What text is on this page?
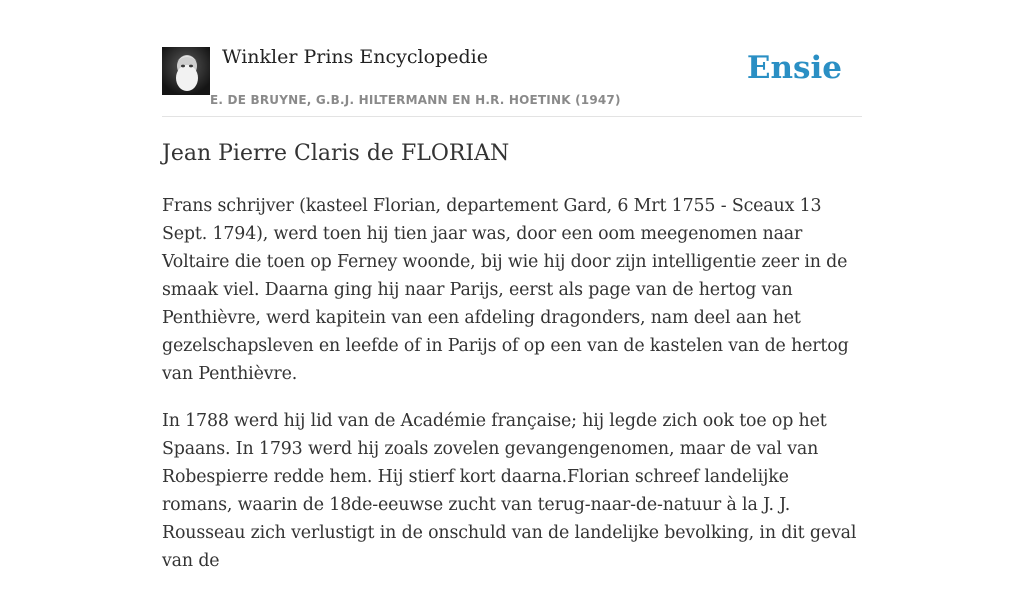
Winkler Prins Encyclopedie
E. DE BRUYNE, G.B.J. HILTERMANN EN H.R. HOETINK (1947)
Ensie
Jean Pierre Claris de FLORIAN

Frans schrijver (kasteel Florian, departement Gard, 6 Mrt 1755 - Sceaux 13 Sept. 1794), werd toen hij tien jaar was, door een oom meegenomen naar Voltaire die toen op Ferney woonde, bij wie hij door zijn intelligentie zeer in de smaak viel. Daarna ging hij naar Parijs, eerst als page van de hertog van Penthièvre, werd kapitein van een afdeling dragonders, nam deel aan het gezelschapsleven en leefde of in Parijs of op een van de kastelen van de hertog van Penthièvre.

In 1788 werd hij lid van de Académie française; hij legde zich ook toe op het Spaans. In 1793 werd hij zoals zovelen gevangengenomen, maar de val van Robespierre redde hem. Hij stierf kort daarna.Florian schreef landelijke romans, waarin de 18de-eeuwse zucht van terug-naar-de-natuur à la J. J. Rousseau zich verlustigt in de onschuld van de landelijke bevolking, in dit geval van de
